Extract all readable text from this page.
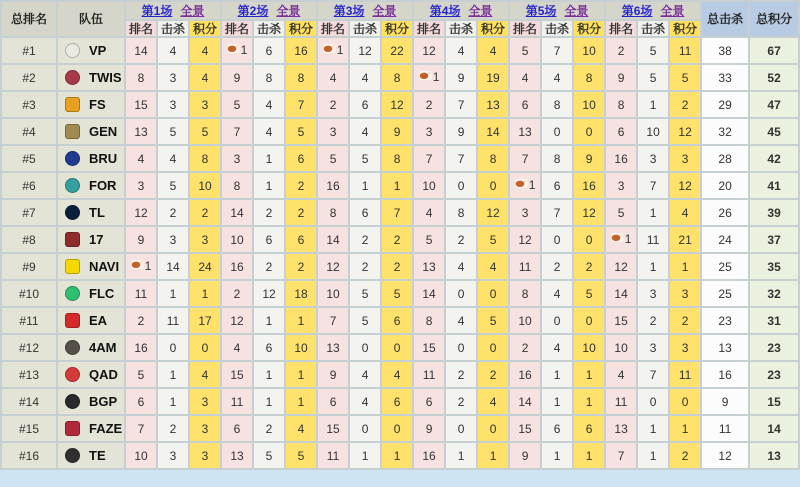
总排名	队伍	第1场 全景			第2场 全景			第3场 全景			第4场 全景			第5场 全景			第6场 全景			总击杀	总积分
		排名	击杀	积分	排名	击杀	积分	排名	击杀	积分	排名	击杀	积分	排名	击杀	积分	排名	击杀	积分		
#1	VP	14	4	4	1	6	16	1	12	22	12	4	4	5	7	10	2	5	11	38	67
#2	TWIS	8	3	4	9	8	8	4	4	8	1	9	19	4	4	8	9	5	5	33	52
#3	FS	15	3	3	5	4	7	2	6	12	2	7	13	6	8	10	8	1	2	29	47
#4	GEN	13	5	5	7	4	5	3	4	9	3	9	14	13	0	0	6	10	12	32	45
#5	BRU	4	4	8	3	1	6	5	5	8	7	7	8	7	8	9	16	3	3	28	42
#6	FOR	3	5	10	8	1	2	16	1	1	10	0	0	1	6	16	3	7	12	20	41
#7	TL	12	2	2	14	2	2	8	6	7	4	8	12	3	7	12	5	1	4	26	39
#8	17	9	3	3	10	6	6	14	2	2	5	2	5	12	0	0	1	11	21	24	37
#9	NAVI	1	14	24	16	2	2	12	2	2	13	4	4	11	2	2	12	1	1	25	35
#10	FLC	11	1	1	2	12	18	10	5	5	14	0	0	8	4	5	14	3	3	25	32
#11	EA	2	11	17	12	1	1	7	5	6	8	4	5	10	0	0	15	2	2	23	31
#12	4AM	16	0	0	4	6	10	13	0	0	15	0	0	2	4	10	10	3	3	13	23
#13	QAD	5	1	4	15	1	1	9	4	4	11	2	2	16	1	1	4	7	11	16	23
#14	BGP	6	1	3	11	1	1	6	4	6	6	2	4	14	1	1	11	0	0	9	15
#15	FAZE	7	2	3	6	2	4	15	0	0	9	0	0	15	6	6	13	1	1	11	14
#16	TE	10	3	3	13	5	5	11	1	1	16	1	1	9	1	1	7	1	2	12	13
